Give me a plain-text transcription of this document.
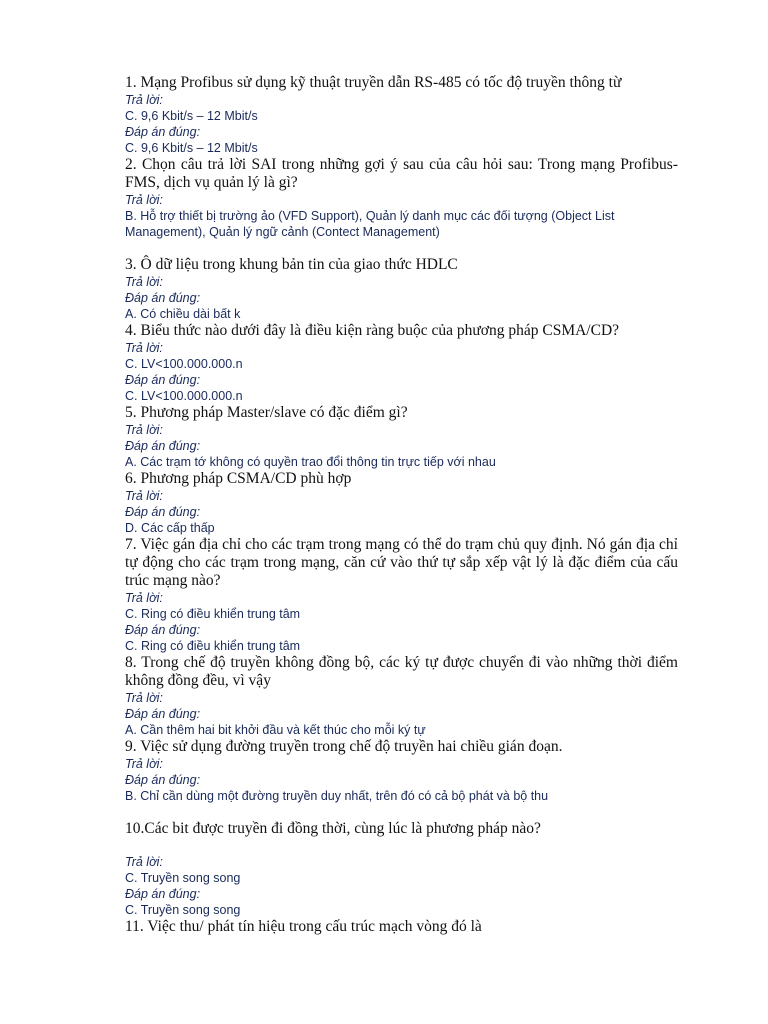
1. Mạng Profibus sử dụng kỹ thuật truyền dẫn RS-485 có tốc độ truyền thông từ

Trả lời:

C. 9,6 Kbit/s – 12 Mbit/s

Đáp án đúng:

C. 9,6 Kbit/s – 12 Mbit/s

2. Chọn câu trả lời SAI trong những gợi ý sau của câu hỏi sau: Trong mạng Profibus-FMS, dịch vụ quản lý là gì?

Trả lời:

B. Hỗ trợ thiết bị trường ảo (VFD Support), Quản lý danh mục các đối tượng (Object List Management), Quản lý ngữ cảnh (Contect Management)

3. Ô dữ liệu trong khung bản tin của giao thức HDLC

Trả lời:

Đáp án đúng:

A. Có chiều dài bất k

4. Biểu thức nào dưới đây là điều kiện ràng buộc của phương pháp CSMA/CD?

Trả lời:

C. LV<100.000.000.n

Đáp án đúng:

C. LV<100.000.000.n

5. Phương pháp Master/slave có đặc điểm gì?

Trả lời:

Đáp án đúng:

A. Các trạm tớ không có quyền trao đổi thông tin trực tiếp với nhau

6. Phương pháp CSMA/CD phù hợp

Trả lời:

Đáp án đúng:

D. Các cấp thấp

7. Việc gán địa chỉ cho các trạm trong mạng có thể do trạm chủ quy định. Nó gán địa chỉ tự động cho các trạm trong mạng, căn cứ vào thứ tự sắp xếp vật lý là đặc điểm của cấu trúc mạng nào?

Trả lời:

C. Ring có điều khiển trung tâm

Đáp án đúng:

C. Ring có điều khiển trung tâm

8. Trong chế độ truyền không đồng bộ, các ký tự được chuyển đi vào những thời điểm không đồng đều, vì vậy

Trả lời:

Đáp án đúng:

A. Cần thêm hai bit khởi đầu và kết thúc cho mỗi ký tự

9. Việc sử dụng đường truyền trong chế độ truyền hai chiều gián đoạn.

Trả lời:

Đáp án đúng:

B. Chỉ cần dùng một đường truyền duy nhất, trên đó có cả bộ phát và bộ thu

10.Các bit được truyền đi đồng thời, cùng lúc là phương pháp nào?

Trả lời:

C. Truyền song song

Đáp án đúng:

C. Truyền song song

11. Việc thu/ phát tín hiệu trong cấu trúc mạch vòng đó là
